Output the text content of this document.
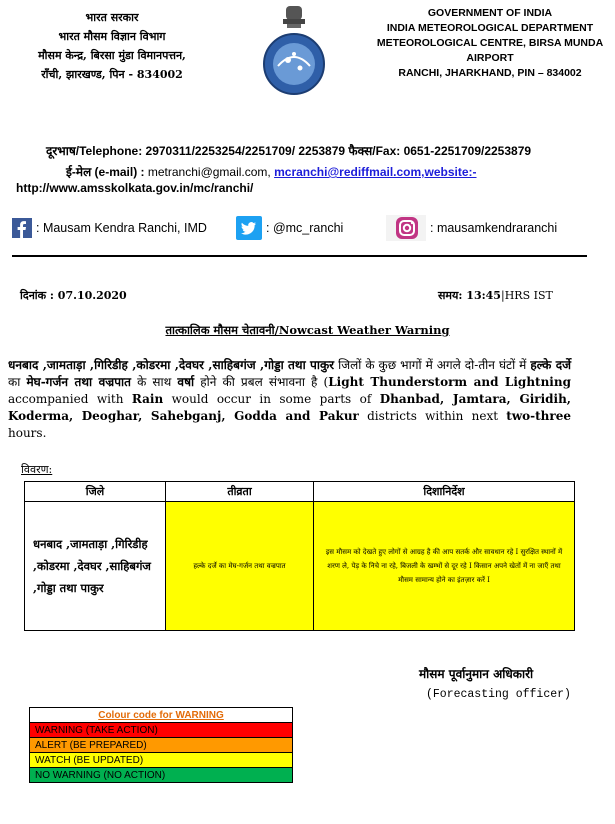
भारत सरकार
भारत मौसम विज्ञान विभाग
मौसम केन्द्र, बिरसा मुंडा विमानपत्तन,
राँची, झारखण्ड, पिन - 834002
GOVERNMENT OF INDIA
INDIA METEOROLOGICAL DEPARTMENT
METEOROLOGICAL CENTRE, BIRSA MUNDA AIRPORT
RANCHI, JHARKHAND, PIN – 834002
दूरभाष/Telephone: 2970311/2253254/2251709/ 2253879 फैक्स/Fax: 0651-2251709/2253879
ई-मेल (e-mail) : metranchi@gmail.com, mcranchi@rediffmail.com,website:-
http://www.amsskolkata.gov.in/mc/ranchi/
: Mausam Kendra Ranchi, IMD	: @mc_ranchi	: mausamkendraranchi
दिनांक : 07.10.2020	समय: 13:45|HRS IST
तात्कालिक मौसम चेतावनी/Nowcast Weather Warning
धनबाद ,जामताड़ा ,गिरिडीह ,कोडरमा ,देवघर ,साहिबगंज ,गोड्डा तथा पाकुर जिलों के कुछ भागों में अगले दो-तीन घंटों में हल्के दर्जे का मेघ-गर्जन तथा वज्रपात के साथ वर्षा होने की प्रबल संभावना है (Light Thunderstorm and Lightning accompanied with Rain would occur in some parts of Dhanbad, Jamtara, Giridih, Koderma, Deoghar, Sahebganj, Godda and Pakur districts within next two-three hours.
विवरण:
जिले	तीव्रता	दिशानिर्देश
धनबाद ,जामताड़ा ,गिरिडीह ,कोडरमा ,देवघर ,साहिबगंज ,गोड्डा तथा पाकुर	हल्के दर्जे का मेघ-गर्जन तथा वज्रपात	इस मौसम को देखते हुए लोगों से आग्रह है की आप सतर्क और सावधान रहे I सुरक्षित स्थानों में शरण ले, पेड़ के निचे ना रहे, बिजली के खम्भों से दूर रहे I किसान अपने खेतों में ना जाएँ तथा मौसम सामान्य होने का इंतज़ार करें I
मौसम पूर्वानुमान अधिकारी
(Forecasting officer)
Colour code for WARNING
WARNING (TAKE ACTION)
ALERT (BE PREPARED)
WATCH (BE UPDATED)
NO WARNING (NO ACTION)
